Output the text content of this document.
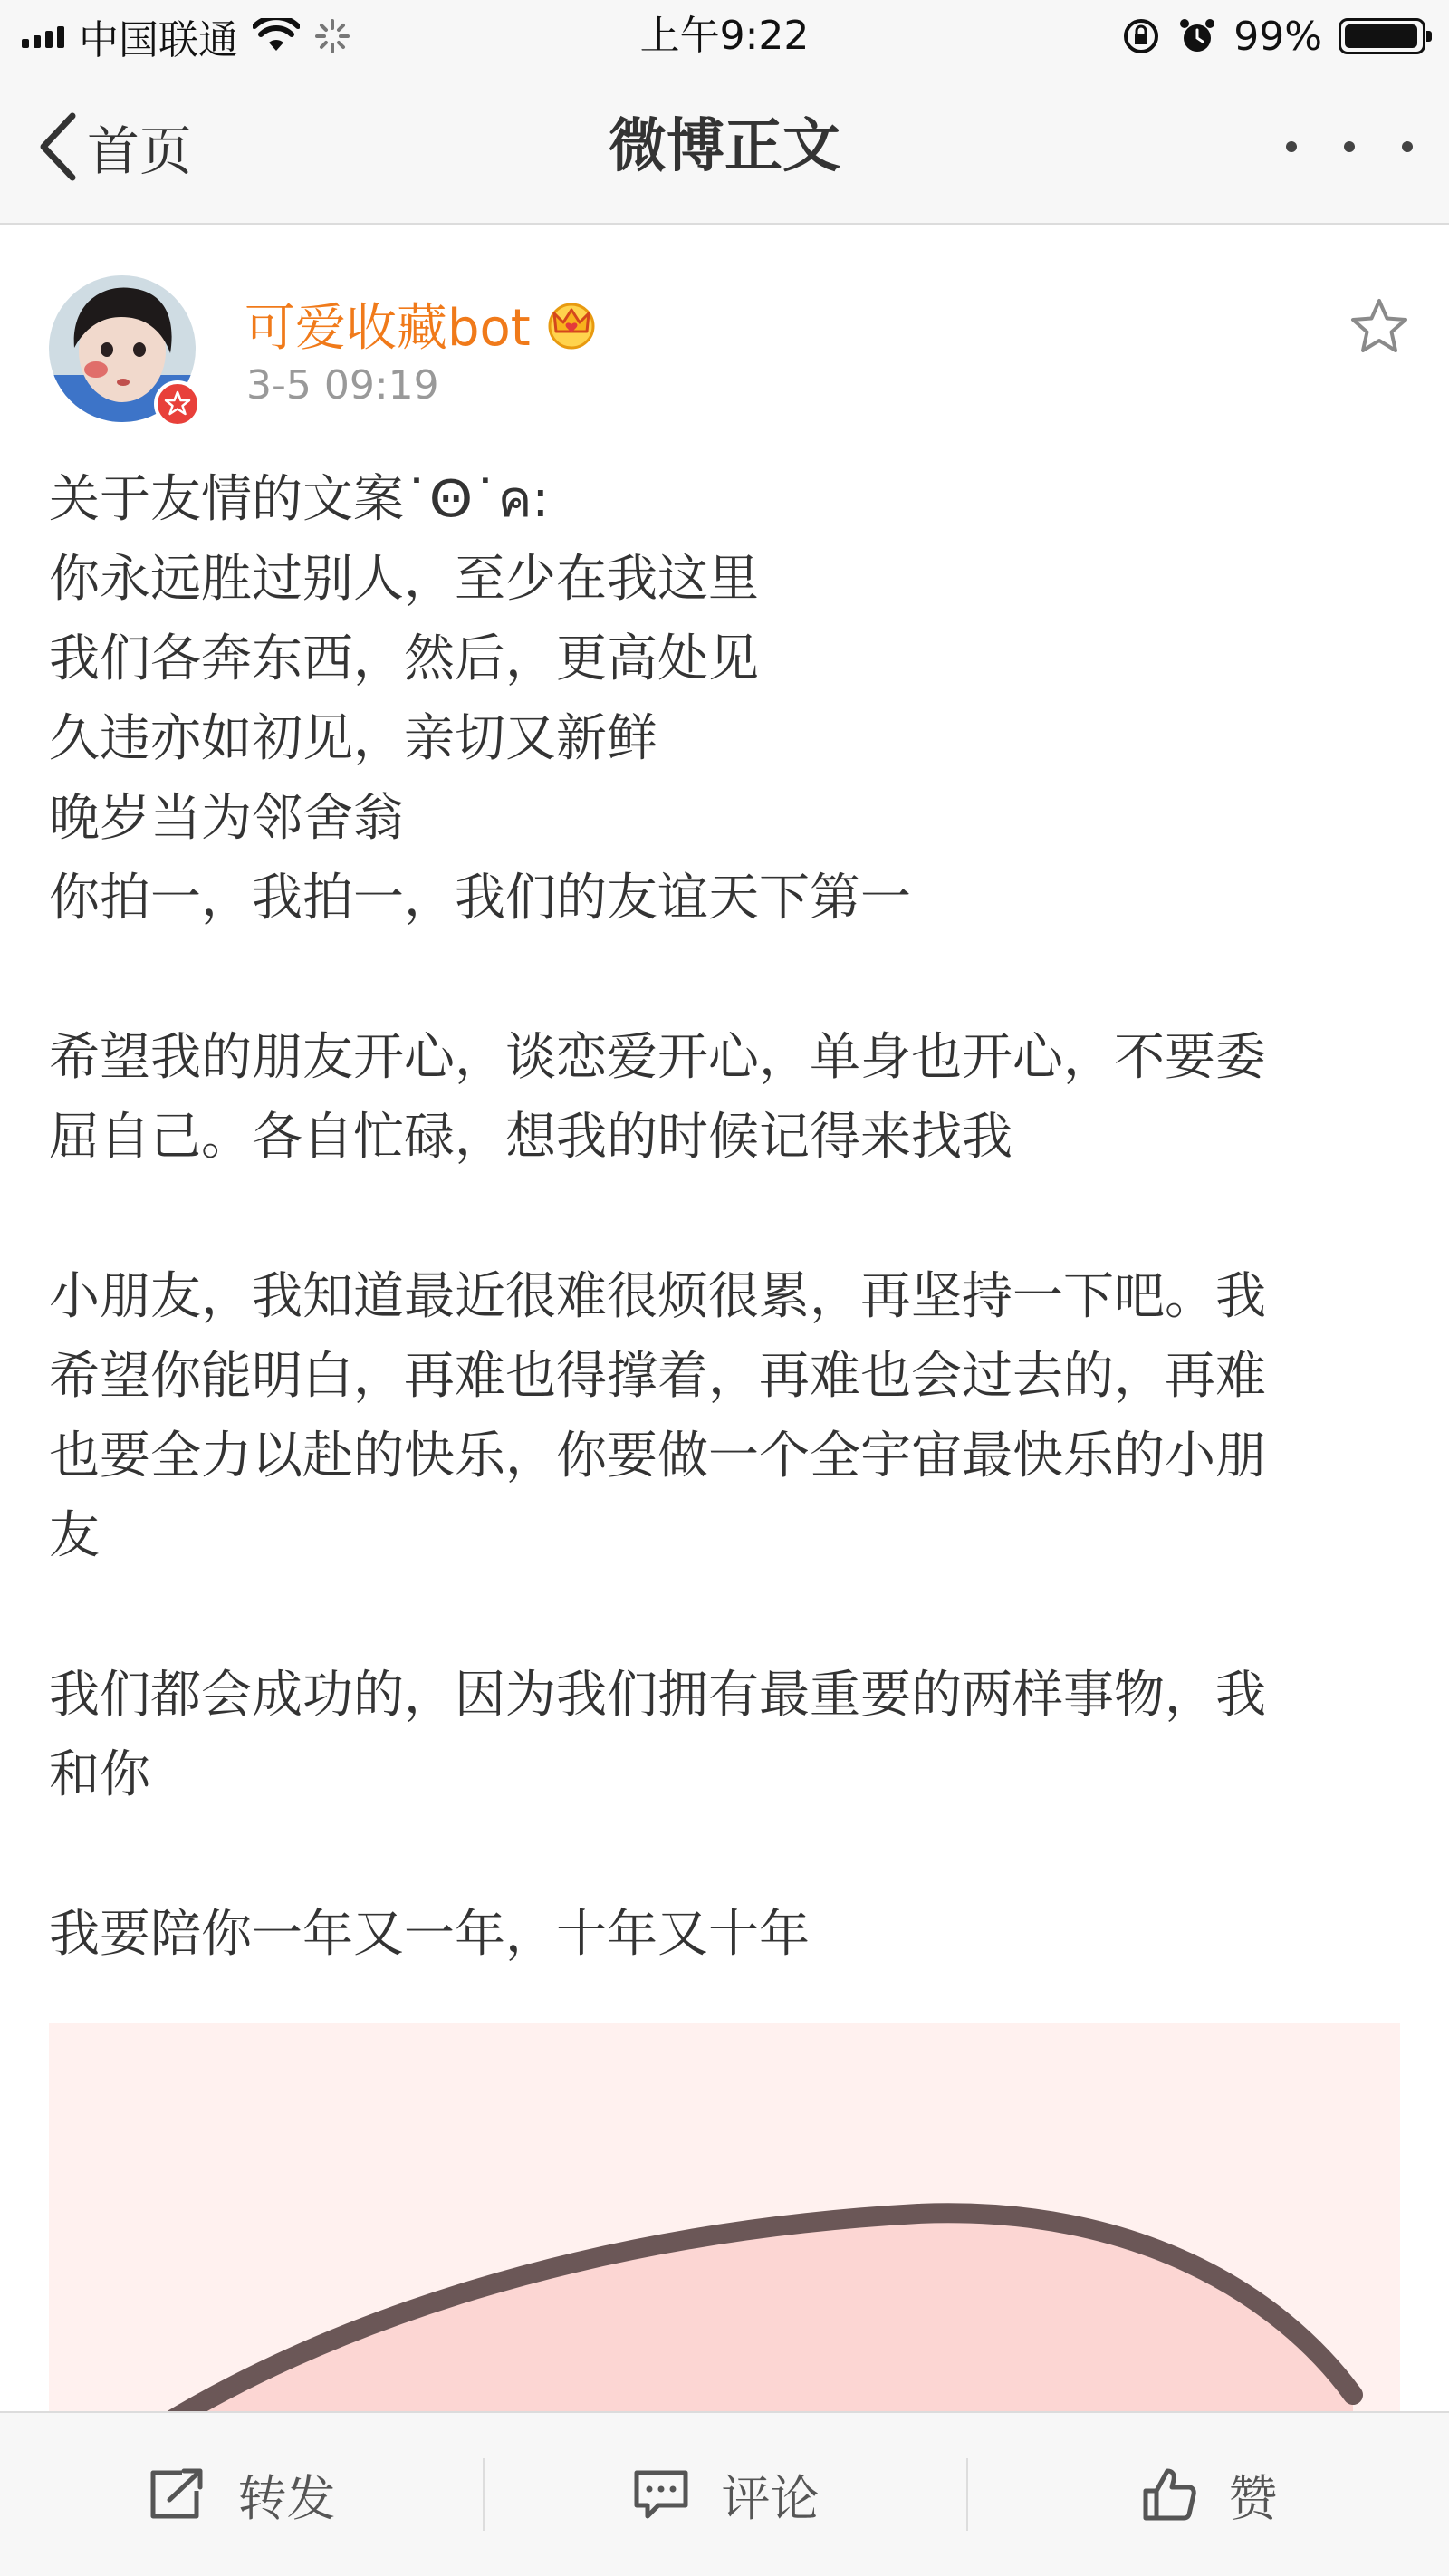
中国联通	上午9:22	99%
首页	微博正文
可爱收藏bot
3-5 09:19
关于友情的文案˙Ꙫ˙ค:
你永远胜过别人，至少在我这里
我们各奔东西，然后，更高处见
久违亦如初见，亲切又新鲜
晚岁当为邻舍翁
你拍一，我拍一，我们的友谊天下第一
希望我的朋友开心，谈恋爱开心，单身也开心，不要委
屈自己。各自忙碌，想我的时候记得来找我
小朋友，我知道最近很难很烦很累，再坚持一下吧。我
希望你能明白，再难也得撑着，再难也会过去的，再难
也要全力以赴的快乐，你要做一个全宇宙最快乐的小朋
友
我们都会成功的，因为我们拥有最重要的两样事物，我
和你
我要陪你一年又一年，十年又十年
转发	评论	赞
